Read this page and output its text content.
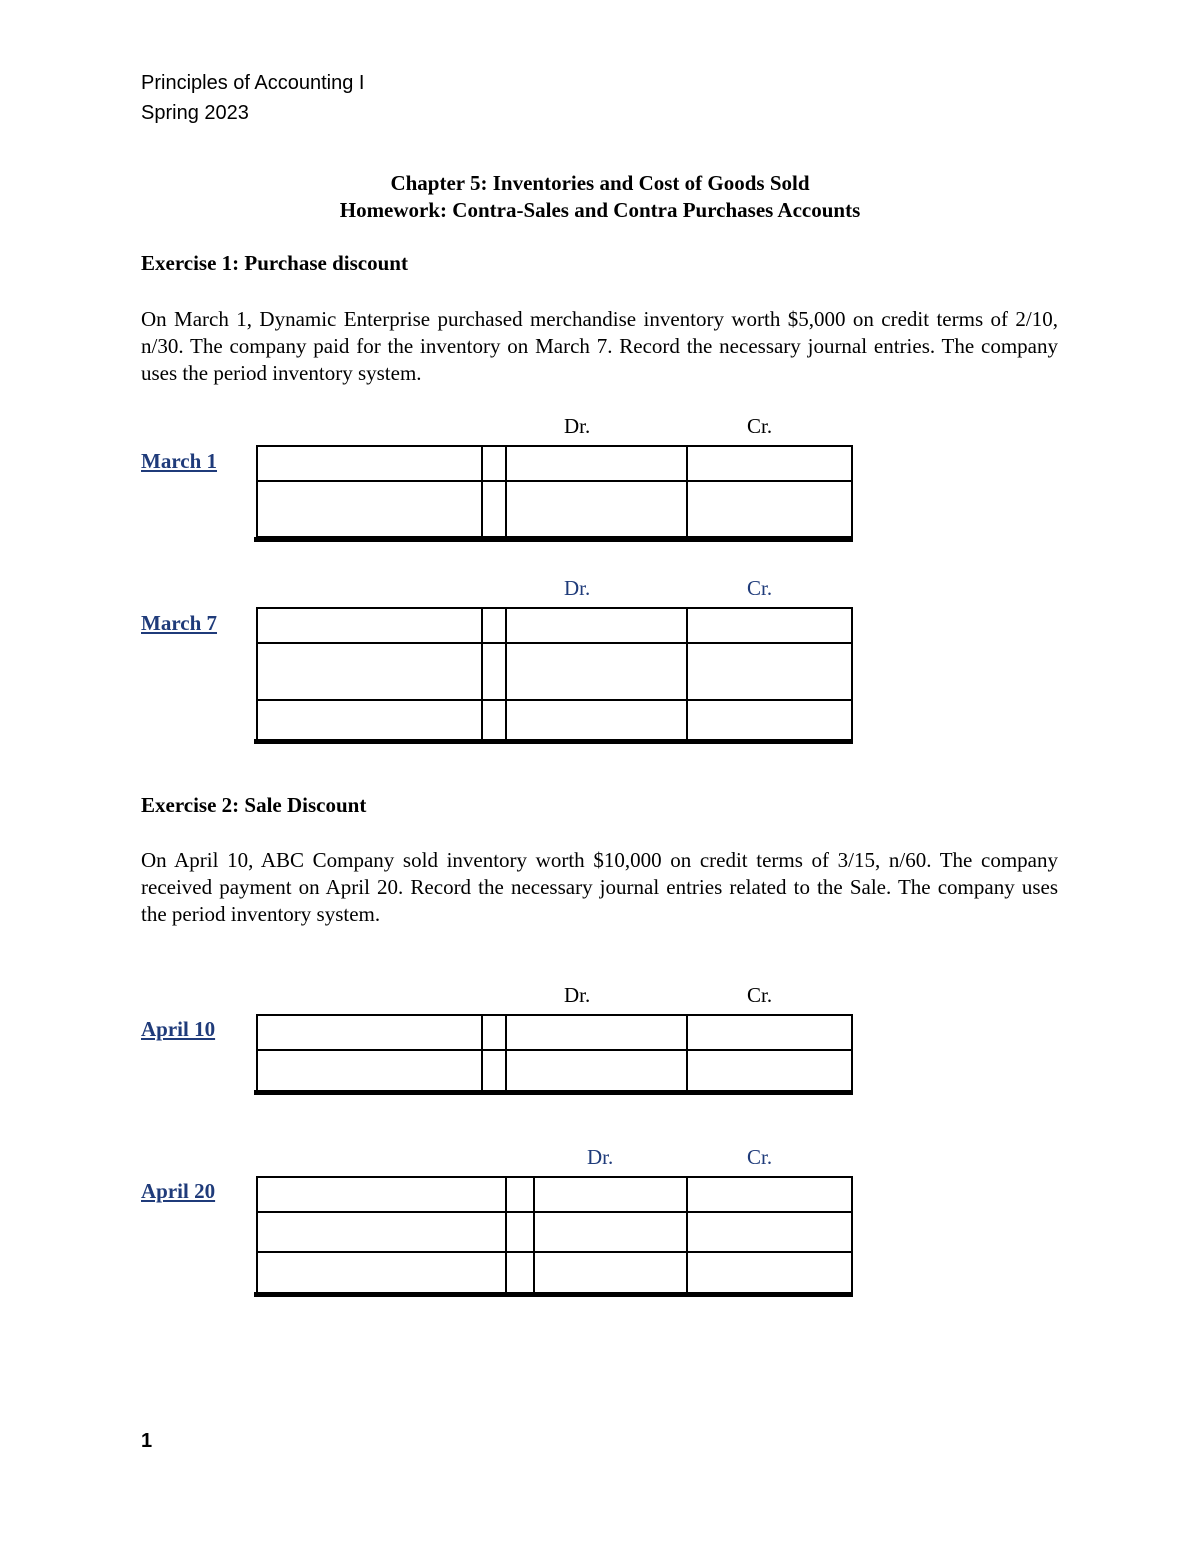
Principles of Accounting I
Spring 2023
Chapter 5: Inventories and Cost of Goods Sold
Homework: Contra-Sales and Contra Purchases Accounts
Exercise 1: Purchase discount
On March 1, Dynamic Enterprise purchased merchandise inventory worth $5,000 on credit terms of 2/10, n/30. The company paid for the inventory on March 7. Record the necessary journal entries. The company uses the period inventory system.
Dr.	Cr.
March 1
Dr.	Cr.
March 7
Exercise 2: Sale Discount
On April 10, ABC Company sold inventory worth $10,000 on credit terms of 3/15, n/60. The company received payment on April 20. Record the necessary journal entries related to the Sale. The company uses the period inventory system.
Dr.	Cr.
April 10
Dr.	Cr.
April 20
1
